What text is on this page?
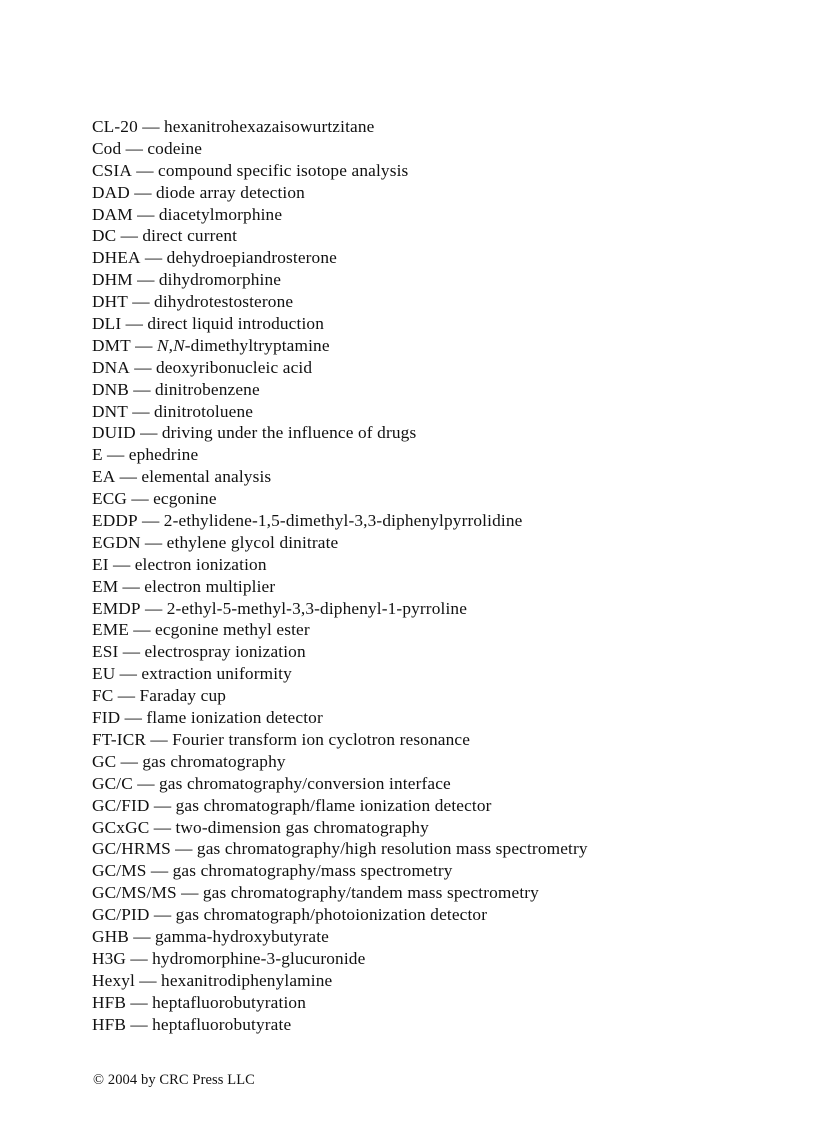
CL-20 — hexanitrohexazaisowurtzitane
Cod — codeine
CSIA — compound specific isotope analysis
DAD — diode array detection
DAM — diacetylmorphine
DC — direct current
DHEA — dehydroepiandrosterone
DHM — dihydromorphine
DHT — dihydrotestosterone
DLI — direct liquid introduction
DMT — N,N-dimethyltryptamine
DNA — deoxyribonucleic acid
DNB — dinitrobenzene
DNT — dinitrotoluene
DUID — driving under the influence of drugs
E — ephedrine
EA — elemental analysis
ECG — ecgonine
EDDP — 2-ethylidene-1,5-dimethyl-3,3-diphenylpyrrolidine
EGDN — ethylene glycol dinitrate
EI — electron ionization
EM — electron multiplier
EMDP — 2-ethyl-5-methyl-3,3-diphenyl-1-pyrroline
EME — ecgonine methyl ester
ESI — electrospray ionization
EU — extraction uniformity
FC — Faraday cup
FID — flame ionization detector
FT-ICR — Fourier transform ion cyclotron resonance
GC — gas chromatography
GC/C — gas chromatography/conversion interface
GC/FID — gas chromatograph/flame ionization detector
GCxGC — two-dimension gas chromatography
GC/HRMS — gas chromatography/high resolution mass spectrometry
GC/MS — gas chromatography/mass spectrometry
GC/MS/MS — gas chromatography/tandem mass spectrometry
GC/PID — gas chromatograph/photoionization detector
GHB — gamma-hydroxybutyrate
H3G — hydromorphine-3-glucuronide
Hexyl — hexanitrodiphenylamine
HFB — heptafluorobutyration
HFB — heptafluorobutyrate
© 2004 by CRC Press LLC
